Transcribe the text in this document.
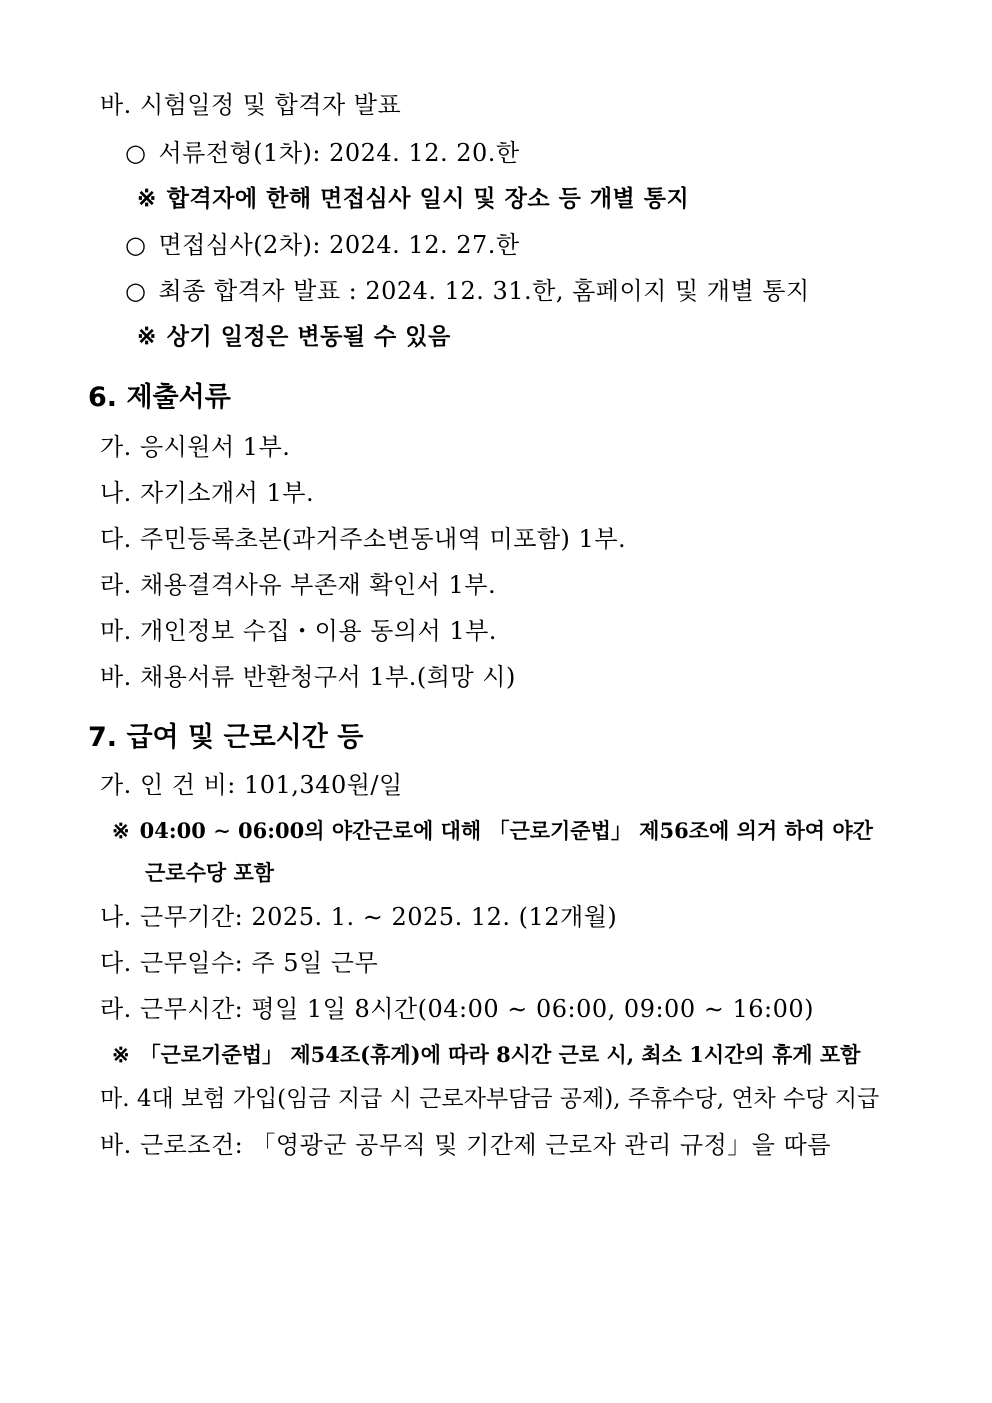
바. 시험일정 및 합격자 발표
○ 서류전형(1차): 2024. 12. 20.한
※ 합격자에 한해 면접심사 일시 및 장소 등 개별 통지
○ 면접심사(2차): 2024. 12. 27.한
○ 최종 합격자 발표 : 2024. 12. 31.한, 홈페이지 및 개별 통지
※ 상기 일정은 변동될 수 있음
6. 제출서류
가. 응시원서 1부.
나. 자기소개서 1부.
다. 주민등록초본(과거주소변동내역 미포함) 1부.
라. 채용결격사유 부존재 확인서 1부.
마. 개인정보 수집・이용 동의서 1부.
바. 채용서류 반환청구서 1부.(희망 시)
7. 급여 및 근로시간 등
가. 인 건 비: 101,340원/일
※ 04:00 ∼ 06:00의 야간근로에 대해 「근로기준법」 제56조에 의거 하여 야간
근로수당 포함
나. 근무기간: 2025. 1. ∼ 2025. 12. (12개월)
다. 근무일수: 주 5일 근무
라. 근무시간: 평일 1일 8시간(04:00 ∼ 06:00, 09:00 ∼ 16:00)
※ 「근로기준법」 제54조(휴게)에 따라 8시간 근로 시, 최소 1시간의 휴게 포함
마. 4대 보험 가입(임금 지급 시 근로자부담금 공제), 주휴수당, 연차 수당 지급
바. 근로조건: 「영광군 공무직 및 기간제 근로자 관리 규정」을 따름
